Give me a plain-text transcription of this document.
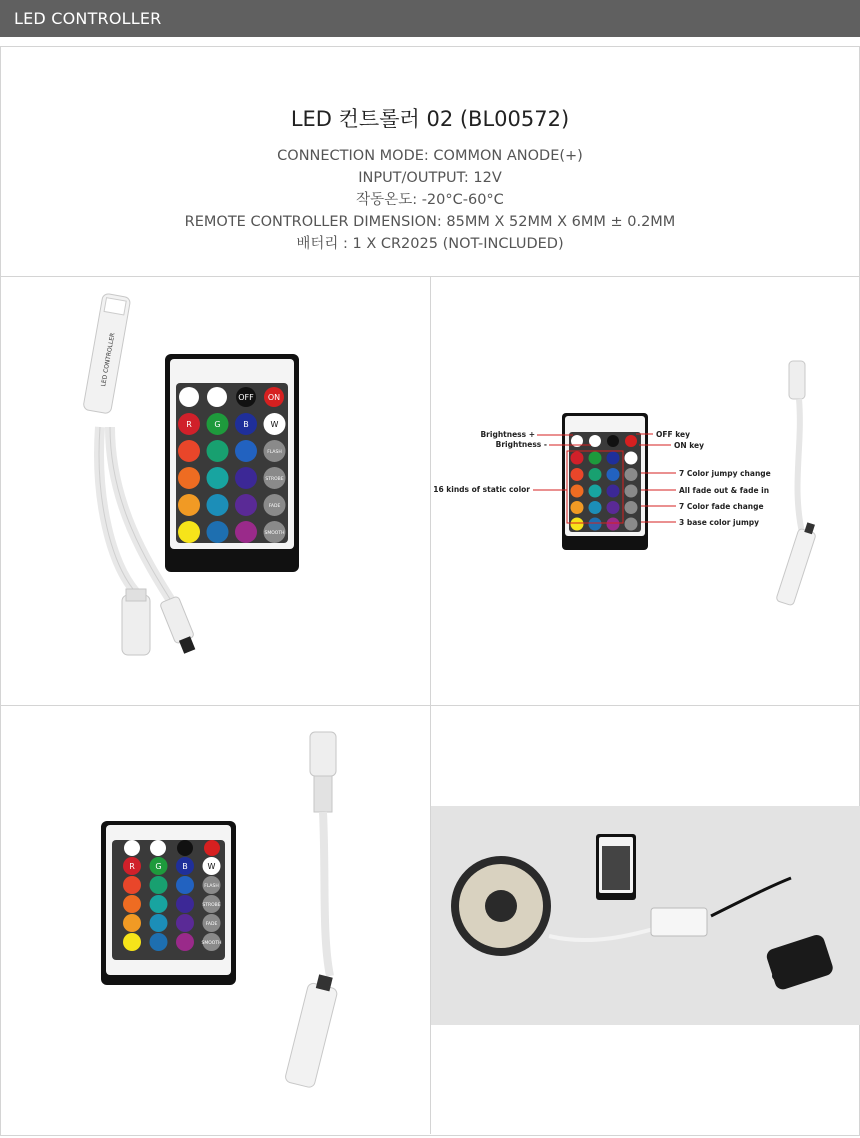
LED CONTROLLER
LED 컨트롤러 02 (BL00572)
CONNECTION MODE: COMMON ANODE(+)
INPUT/OUTPUT: 12V
작동온도: -20°C-60°C
REMOTE CONTROLLER DIMENSION: 85MM X 52MM X 6MM ± 0.2MM
배터리 : 1 X CR2025 (NOT-INCLUDED)
LED CONTROLLER
OFF ON
R	G	B	W
FLASH
STROBE
FADE
SMOOTH
Brightness +
Brightness -
16 kinds of static color
OFF key
ON key
7 Color jumpy change
All fade out & fade in
7 Color fade change
3 base color jumpy
R	G	B W
FLASH
STROBE
FADE
SMOOTH
